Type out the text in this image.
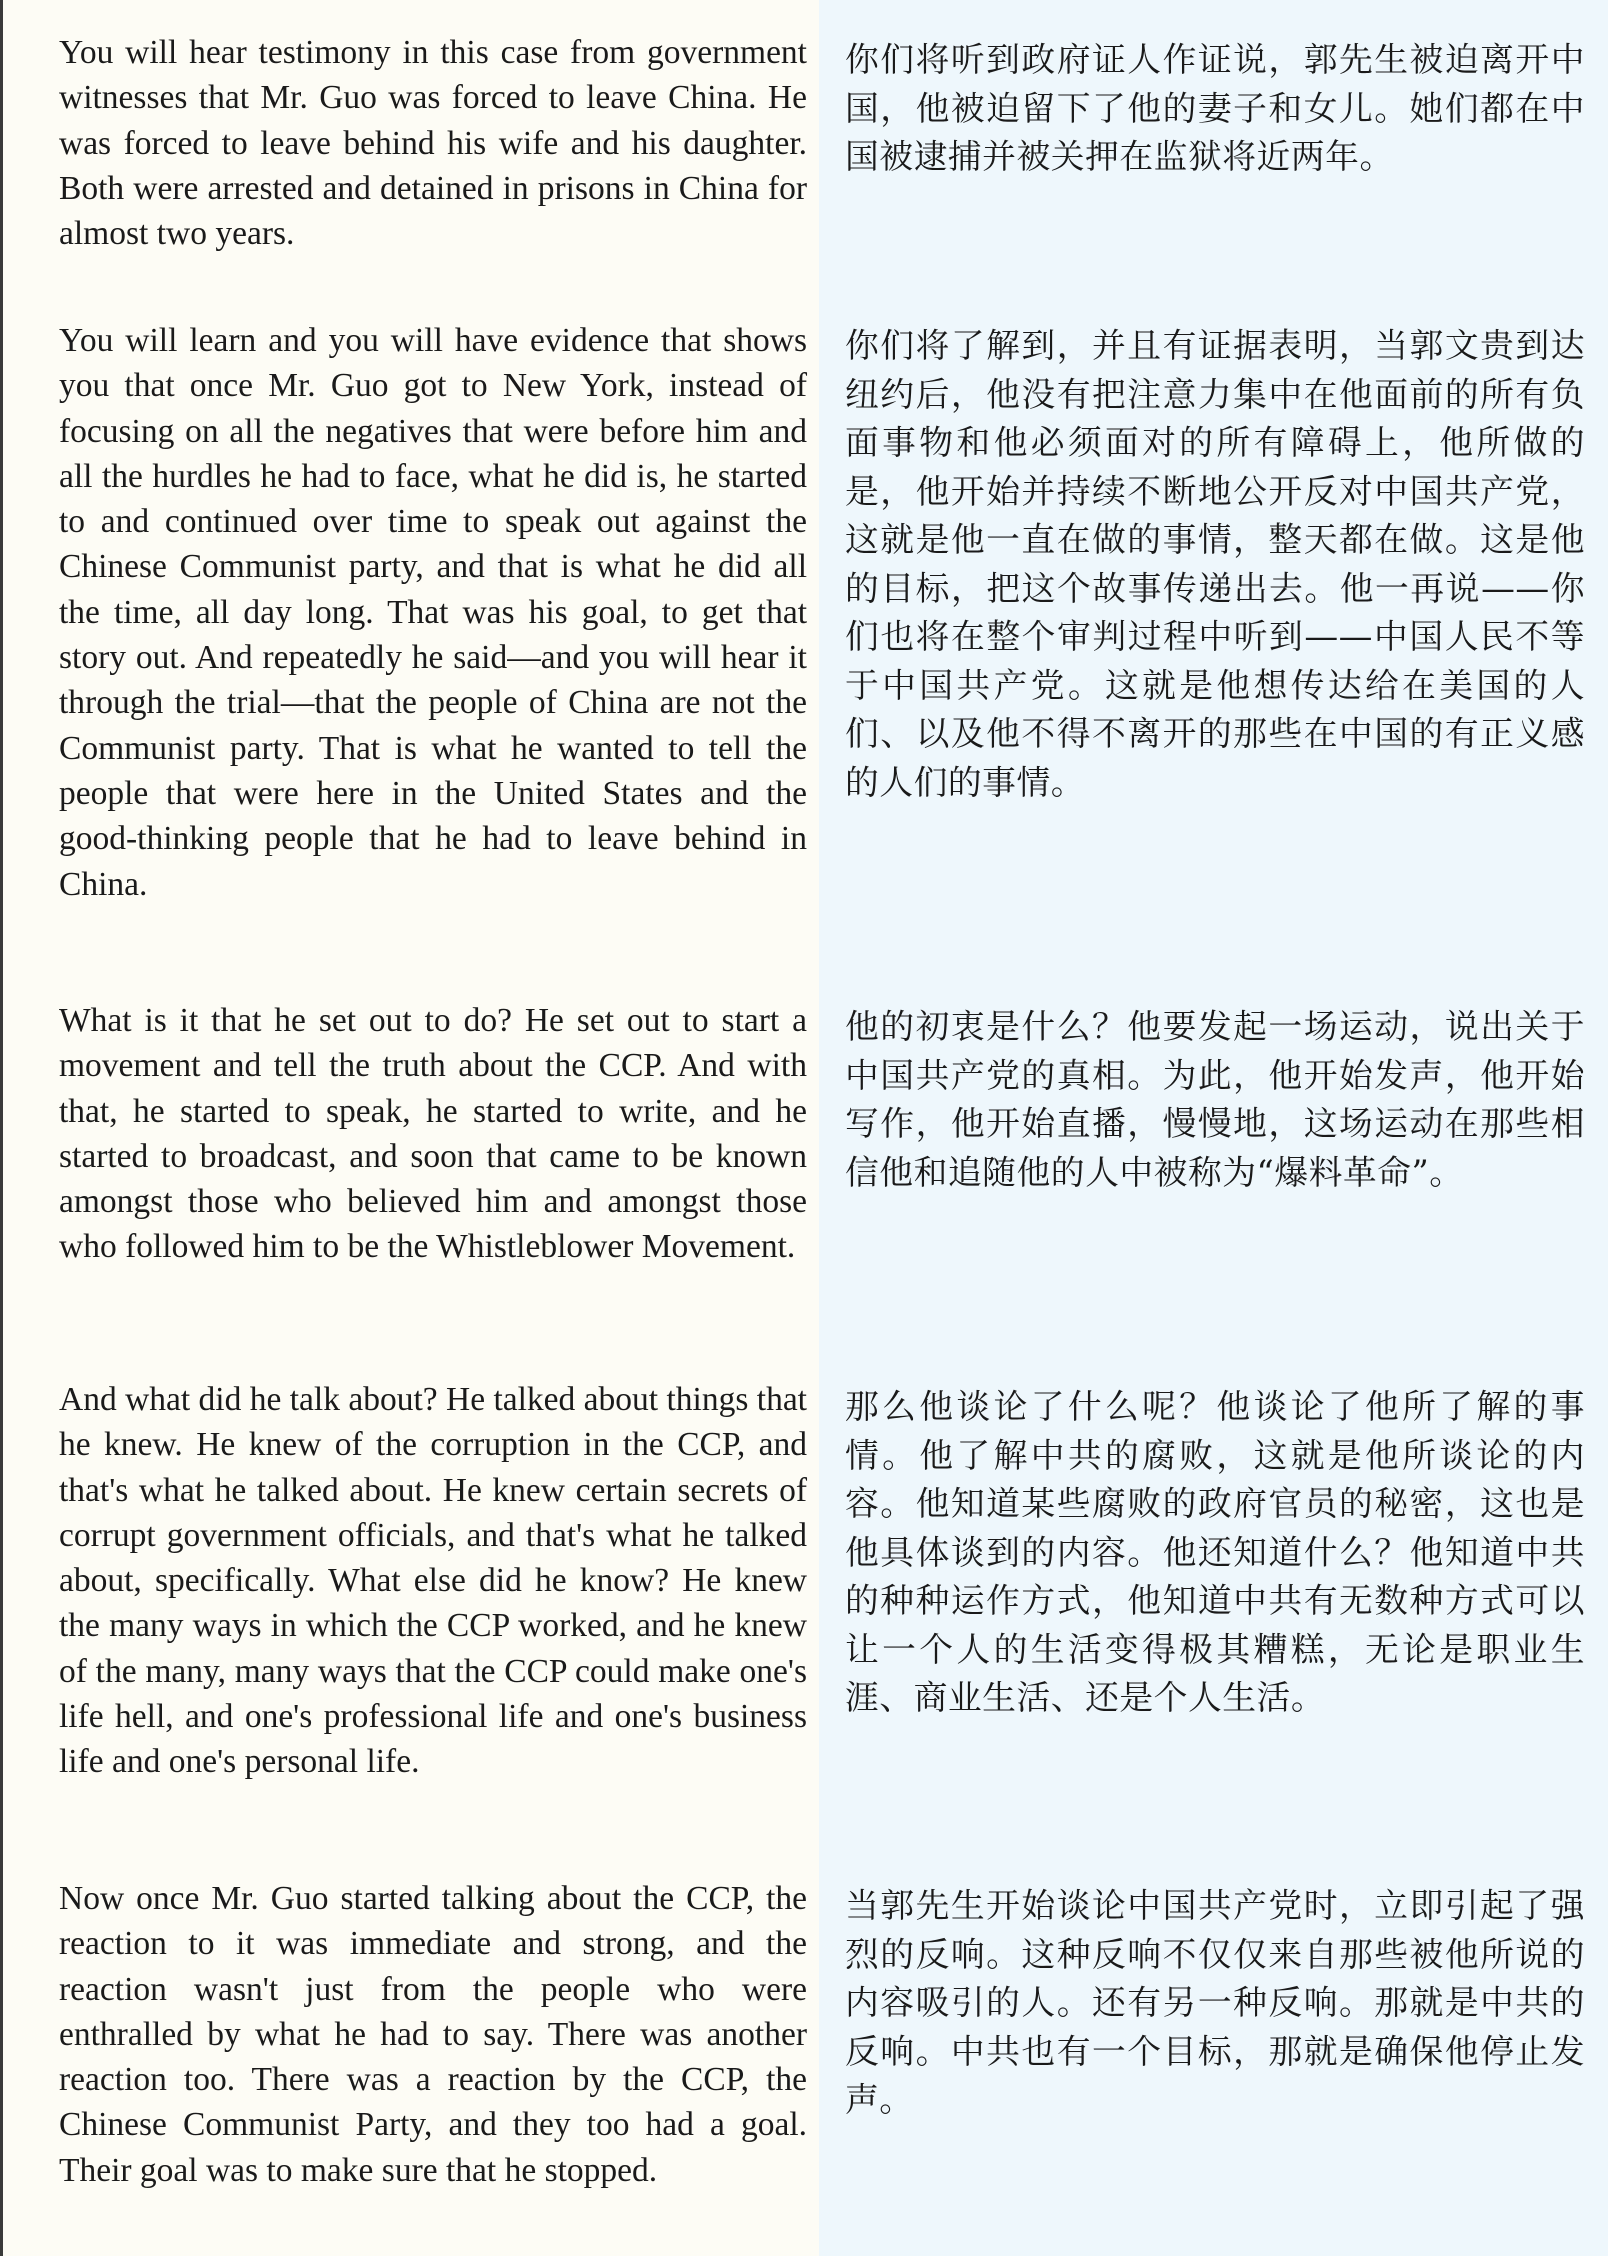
You will hear testimony in this case from government witnesses that Mr. Guo was forced to leave China. He was forced to leave behind his wife and his daughter. Both were arrested and detained in prisons in China for almost two years.

You will learn and you will have evidence that shows you that once Mr. Guo got to New York, instead of focusing on all the negatives that were before him and all the hurdles he had to face, what he did is, he started to and continued over time to speak out against the Chinese Communist party, and that is what he did all the time, all day long. That was his goal, to get that story out. And repeatedly he said—and you will hear it through the trial—that the people of China are not the Communist party. That is what he wanted to tell the people that were here in the United States and the good-thinking people that he had to leave behind in China.

What is it that he set out to do? He set out to start a movement and tell the truth about the CCP. And with that, he started to speak, he started to write, and he started to broadcast, and soon that came to be known amongst those who believed him and amongst those who followed him to be the Whistleblower Movement.

And what did he talk about? He talked about things that he knew. He knew of the corruption in the CCP, and that's what he talked about. He knew certain secrets of corrupt government officials, and that's what he talked about, specifically. What else did he know? He knew the many ways in which the CCP worked, and he knew of the many, many ways that the CCP could make one's life hell, and one's professional life and one's business life and one's personal life.

Now once Mr. Guo started talking about the CCP, the reaction to it was immediate and strong, and the reaction wasn't just from the people who were enthralled by what he had to say. There was another reaction too. There was a reaction by the CCP, the Chinese Communist Party, and they too had a goal. Their goal was to make sure that he stopped.

你们将听到政府证人作证说，郭先生被迫离开中国，他被迫留下了他的妻子和女儿。她们都在中国被逮捕并被关押在监狱将近两年。

你们将了解到，并且有证据表明，当郭文贵到达纽约后，他没有把注意力集中在他面前的所有负面事物和他必须面对的所有障碍上，他所做的是，他开始并持续不断地公开反对中国共产党，这就是他一直在做的事情，整天都在做。这是他的目标，把这个故事传递出去。他一再说——你们也将在整个审判过程中听到——中国人民不等于中国共产党。这就是他想传达给在美国的人们、以及他不得不离开的那些在中国的有正义感的人们的事情。

他的初衷是什么？他要发起一场运动，说出关于中国共产党的真相。为此，他开始发声，他开始写作，他开始直播，慢慢地，这场运动在那些相信他和追随他的人中被称为“爆料革命”。

那么他谈论了什么呢？他谈论了他所了解的事情。他了解中共的腐败，这就是他所谈论的内容。他知道某些腐败的政府官员的秘密，这也是他具体谈到的内容。他还知道什么？他知道中共的种种运作方式，他知道中共有无数种方式可以让一个人的生活变得极其糟糕，无论是职业生涯、商业生活、还是个人生活。

当郭先生开始谈论中国共产党时，立即引起了强烈的反响。这种反响不仅仅来自那些被他所说的内容吸引的人。还有另一种反响。那就是中共的反响。中共也有一个目标，那就是确保他停止发声。
